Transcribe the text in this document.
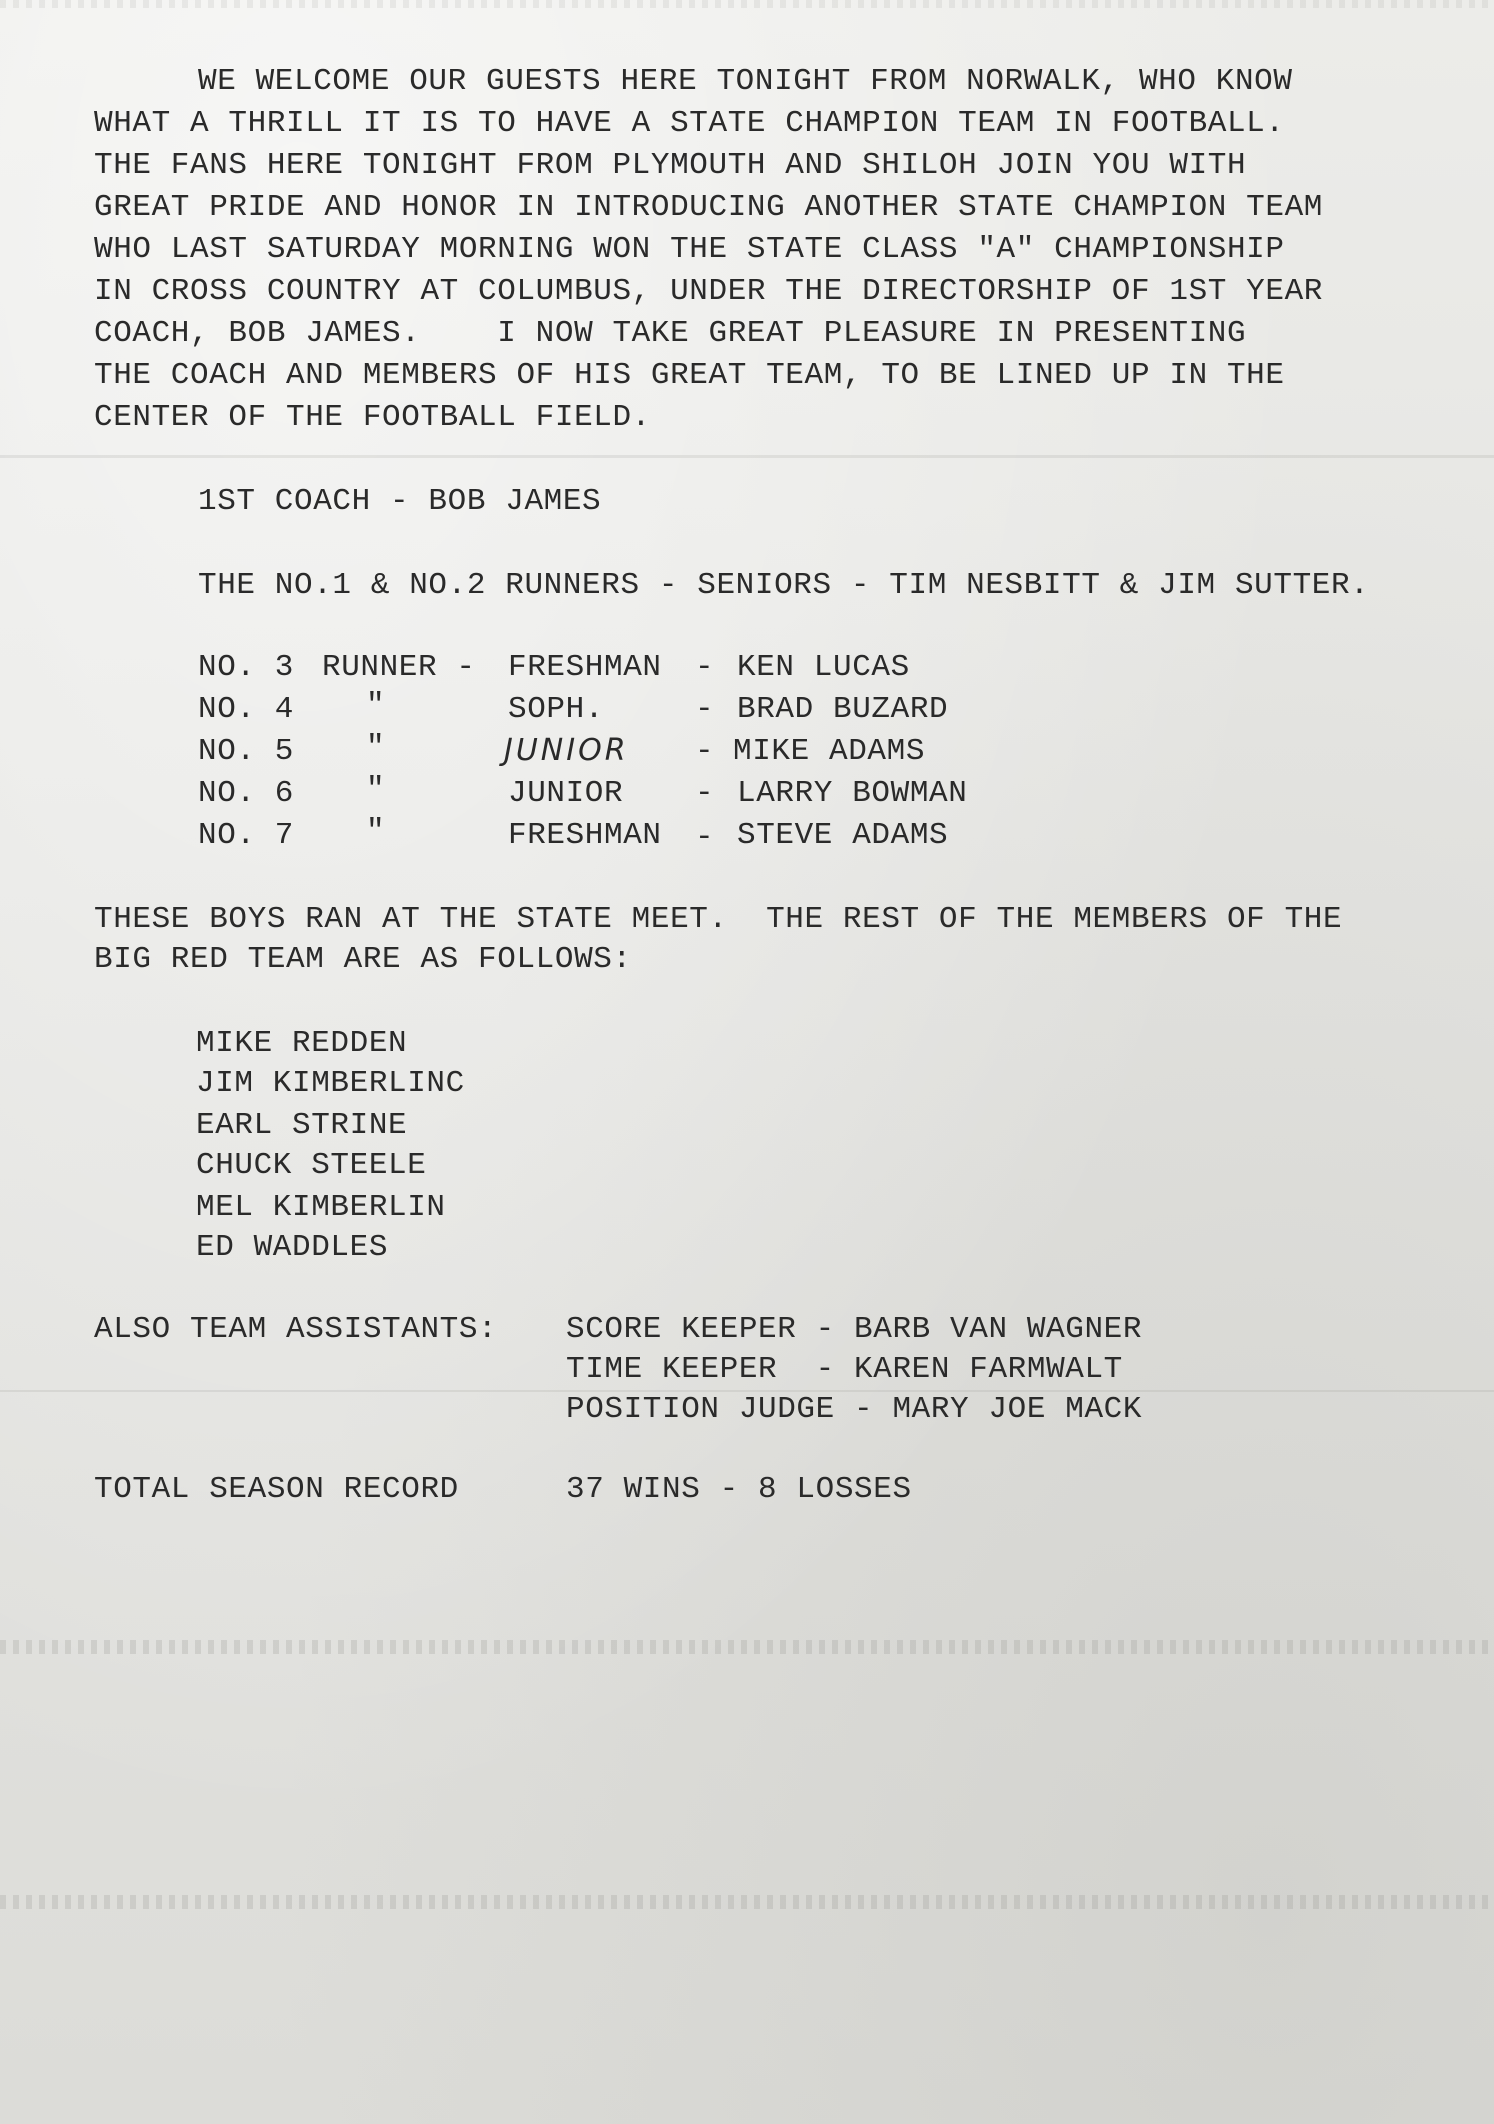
WE WELCOME OUR GUESTS HERE TONIGHT FROM NORWALK, WHO KNOW

WHAT A THRILL IT IS TO HAVE A STATE CHAMPION TEAM IN FOOTBALL.

THE FANS HERE TONIGHT FROM PLYMOUTH AND SHILOH JOIN YOU WITH

GREAT PRIDE AND HONOR IN INTRODUCING ANOTHER STATE CHAMPION TEAM

WHO LAST SATURDAY MORNING WON THE STATE CLASS "A" CHAMPIONSHIP

IN CROSS COUNTRY AT COLUMBUS, UNDER THE DIRECTORSHIP OF 1ST YEAR

COACH, BOB JAMES.    I NOW TAKE GREAT PLEASURE IN PRESENTING

THE COACH AND MEMBERS OF HIS GREAT TEAM, TO BE LINED UP IN THE

CENTER OF THE FOOTBALL FIELD.

1ST COACH - BOB JAMES

THE NO.1 & NO.2 RUNNERS - SENIORS - TIM NESBITT & JIM SUTTER.

NO. 3 RUNNER - FRESHMAN - KEN LUCAS
NO. 4 "	SOPH.	- BRAD BUZARD
NO. 5 "	JUNIOR - MIKE ADAMS
NO. 6 "	JUNIOR - LARRY BOWMAN
NO. 7 "	FRESHMAN - STEVE ADAMS

THESE BOYS RAN AT THE STATE MEET.  THE REST OF THE MEMBERS OF THE

BIG RED TEAM ARE AS FOLLOWS:

MIKE REDDEN

JIM KIMBERLINC

EARL STRINE

CHUCK STEELE

MEL KIMBERLIN

ED WADDLES

ALSO TEAM ASSISTANTS: SCORE KEEPER - BARB VAN WAGNER

TIME KEEPER  - KAREN FARMWALT

POSITION JUDGE - MARY JOE MACK

TOTAL SEASON RECORD	37 WINS - 8 LOSSES
